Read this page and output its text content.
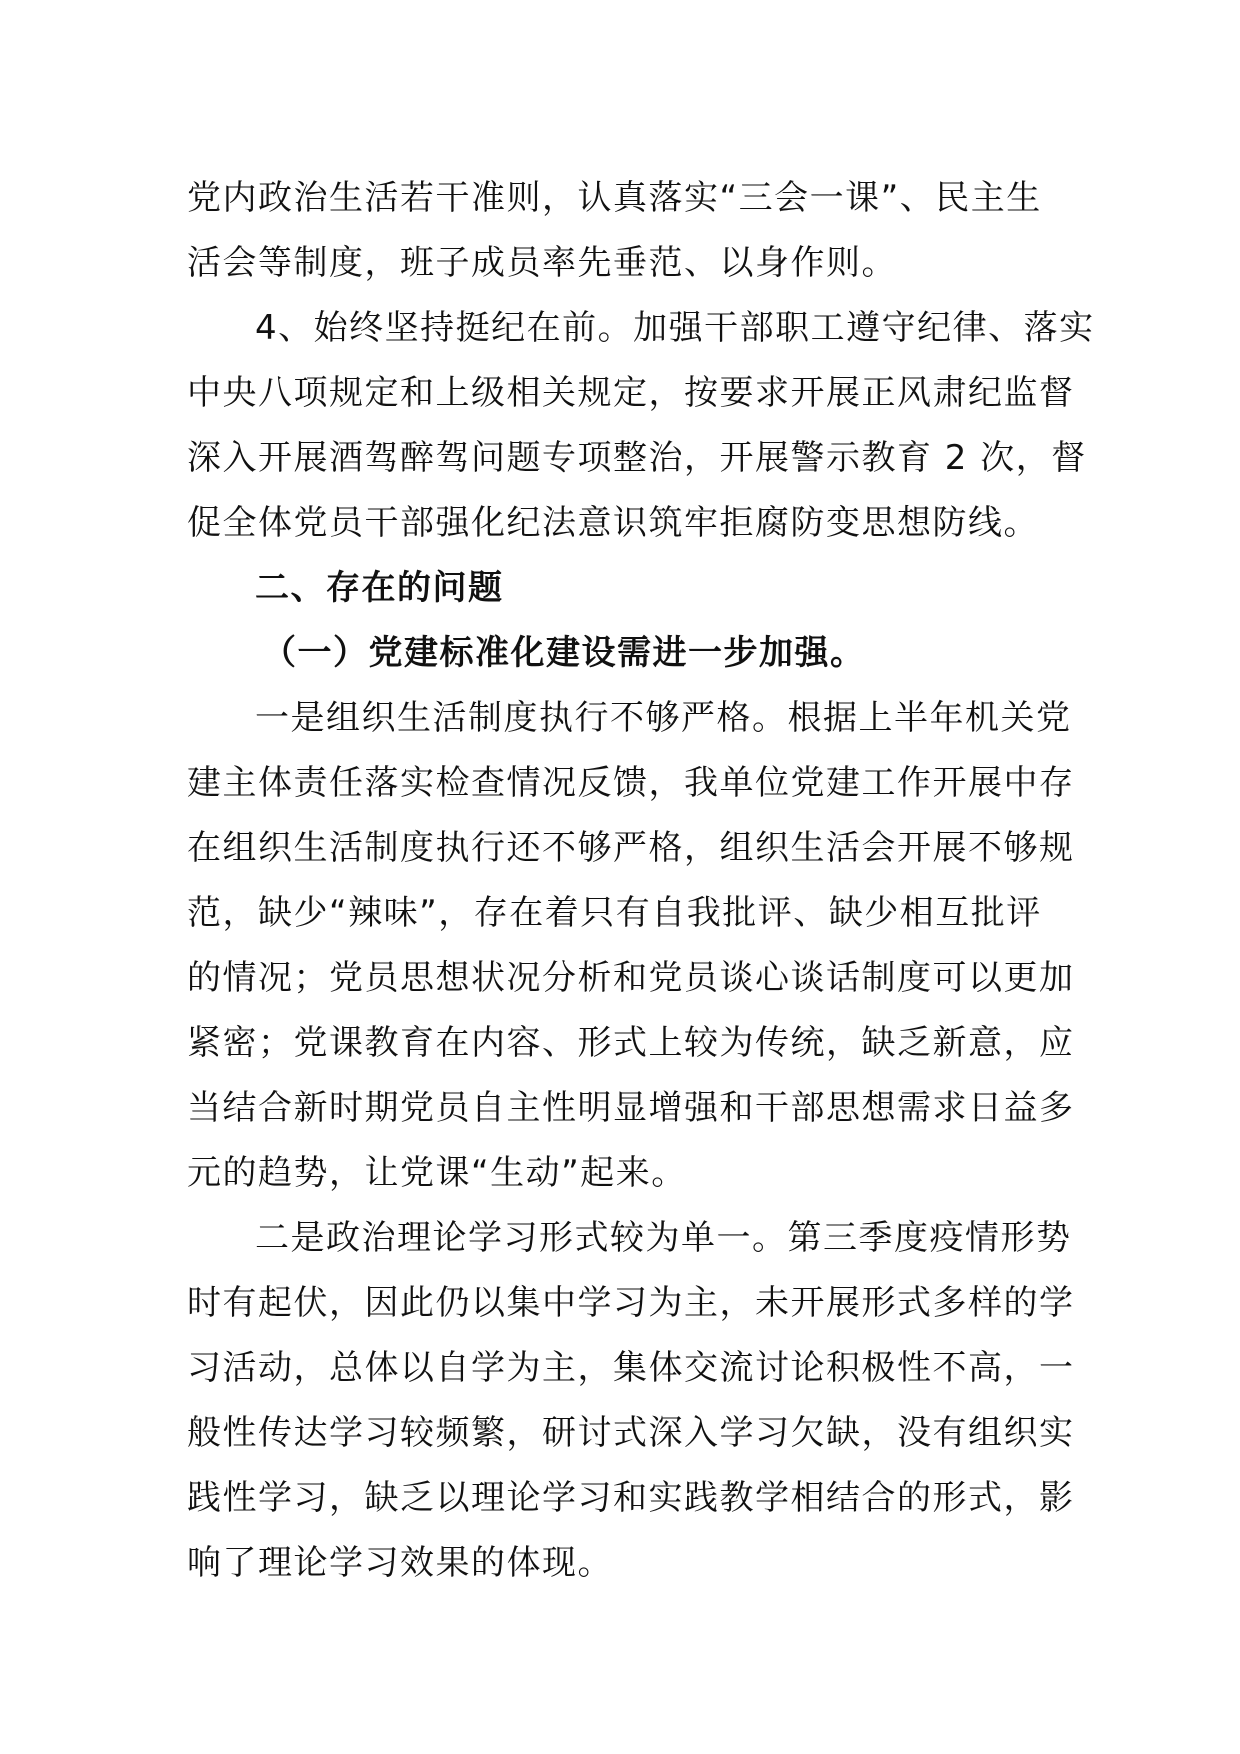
党内政治生活若干准则，认真落实“三会一课”、民主生
活会等制度，班子成员率先垂范、以身作则。
4、始终坚持挺纪在前。加强干部职工遵守纪律、落实
中央八项规定和上级相关规定，按要求开展正风肃纪监督
深入开展酒驾醉驾问题专项整治，开展警示教育 2 次，督
促全体党员干部强化纪法意识筑牢拒腐防变思想防线。
二、存在的问题
（一）党建标准化建设需进一步加强。
一是组织生活制度执行不够严格。根据上半年机关党
建主体责任落实检查情况反馈，我单位党建工作开展中存
在组织生活制度执行还不够严格，组织生活会开展不够规
范，缺少“辣味”，存在着只有自我批评、缺少相互批评
的情况；党员思想状况分析和党员谈心谈话制度可以更加
紧密；党课教育在内容、形式上较为传统，缺乏新意，应
当结合新时期党员自主性明显增强和干部思想需求日益多
元的趋势，让党课“生动”起来。
二是政治理论学习形式较为单一。第三季度疫情形势
时有起伏，因此仍以集中学习为主，未开展形式多样的学
习活动，总体以自学为主，集体交流讨论积极性不高，一
般性传达学习较频繁，研讨式深入学习欠缺，没有组织实
践性学习，缺乏以理论学习和实践教学相结合的形式，影
响了理论学习效果的体现。
